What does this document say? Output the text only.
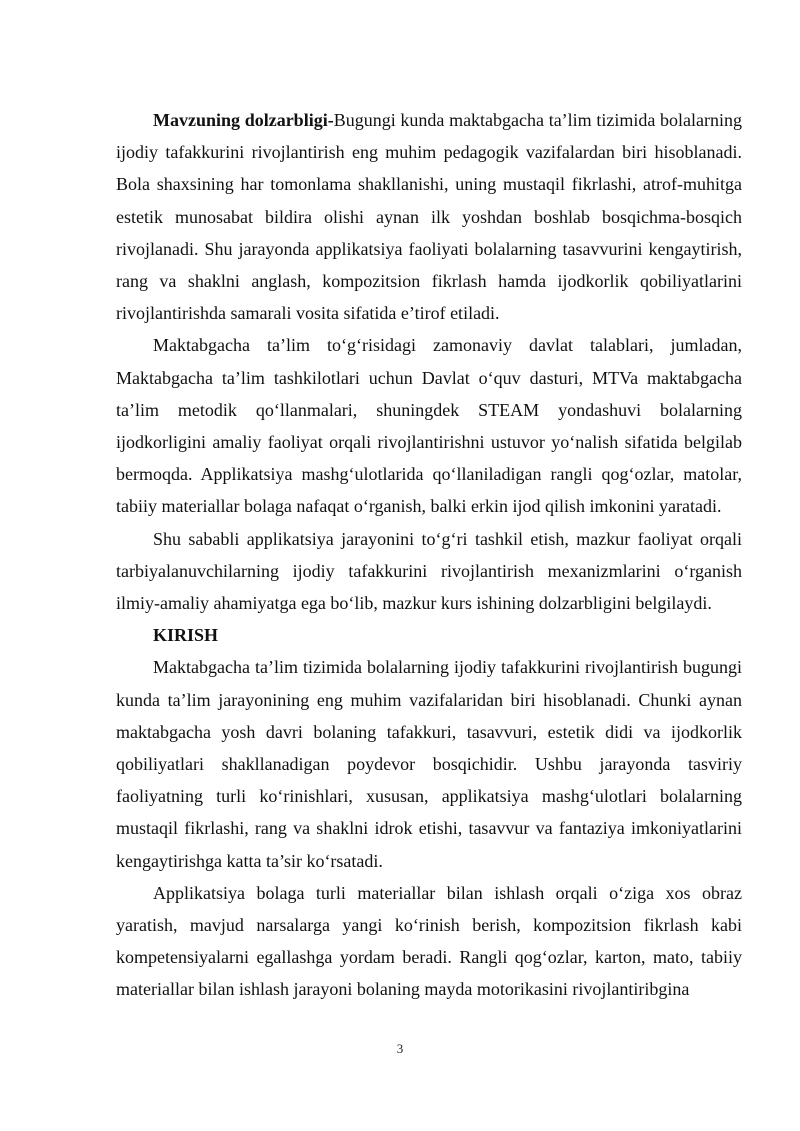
Mavzuning dolzarbligi-Bugungi kunda maktabgacha ta’lim tizimida bolalarning ijodiy tafakkurini rivojlantirish eng muhim pedagogik vazifalardan biri hisoblanadi. Bola shaxsining har tomonlama shakllanishi, uning mustaqil fikrlashi, atrof-muhitga estetik munosabat bildira olishi aynan ilk yoshdan boshlab bosqichma-bosqich rivojlanadi. Shu jarayonda applikatsiya faoliyati bolalarning tasavvurini kengaytirish, rang va shaklni anglash, kompozitsion fikrlash hamda ijodkorlik qobiliyatlarini rivojlantirishda samarali vosita sifatida e’tirof etiladi.

Maktabgacha ta’lim to‘g‘risidagi zamonaviy davlat talablari, jumladan, Maktabgacha ta’lim tashkilotlari uchun Davlat o‘quv dasturi, MTVa maktabgacha ta’lim metodik qo‘llanmalari, shuningdek STEAM yondashuvi bolalarning ijodkorligini amaliy faoliyat orqali rivojlantirishni ustuvor yo‘nalish sifatida belgilab bermoqda. Applikatsiya mashg‘ulotlarida qo‘llaniladigan rangli qog‘ozlar, matolar, tabiiy materiallar bolaga nafaqat o‘rganish, balki erkin ijod qilish imkonini yaratadi.

Shu sababli applikatsiya jarayonini to‘g‘ri tashkil etish, mazkur faoliyat orqali tarbiyalanuvchilarning ijodiy tafakkurini rivojlantirish mexanizmlarini o‘rganish ilmiy-amaliy ahamiyatga ega bo‘lib, mazkur kurs ishining dolzarbligini belgilaydi.

KIRISH

Maktabgacha ta’lim tizimida bolalarning ijodiy tafakkurini rivojlantirish bugungi kunda ta’lim jarayonining eng muhim vazifalaridan biri hisoblanadi. Chunki aynan maktabgacha yosh davri bolaning tafakkuri, tasavvuri, estetik didi va ijodkorlik qobiliyatlari shakllanadigan poydevor bosqichidir. Ushbu jarayonda tasviriy faoliyatning turli ko‘rinishlari, xususan, applikatsiya mashg‘ulotlari bolalarning mustaqil fikrlashi, rang va shaklni idrok etishi, tasavvur va fantaziya imkoniyatlarini kengaytirishga katta ta’sir ko‘rsatadi.

Applikatsiya bolaga turli materiallar bilan ishlash orqali o‘ziga xos obraz yaratish, mavjud narsalarga yangi ko‘rinish berish, kompozitsion fikrlash kabi kompetensiyalarni egallashga yordam beradi. Rangli qog‘ozlar, karton, mato, tabiiy materiallar bilan ishlash jarayoni bolaning mayda motorikasini rivojlantiribgina

3
